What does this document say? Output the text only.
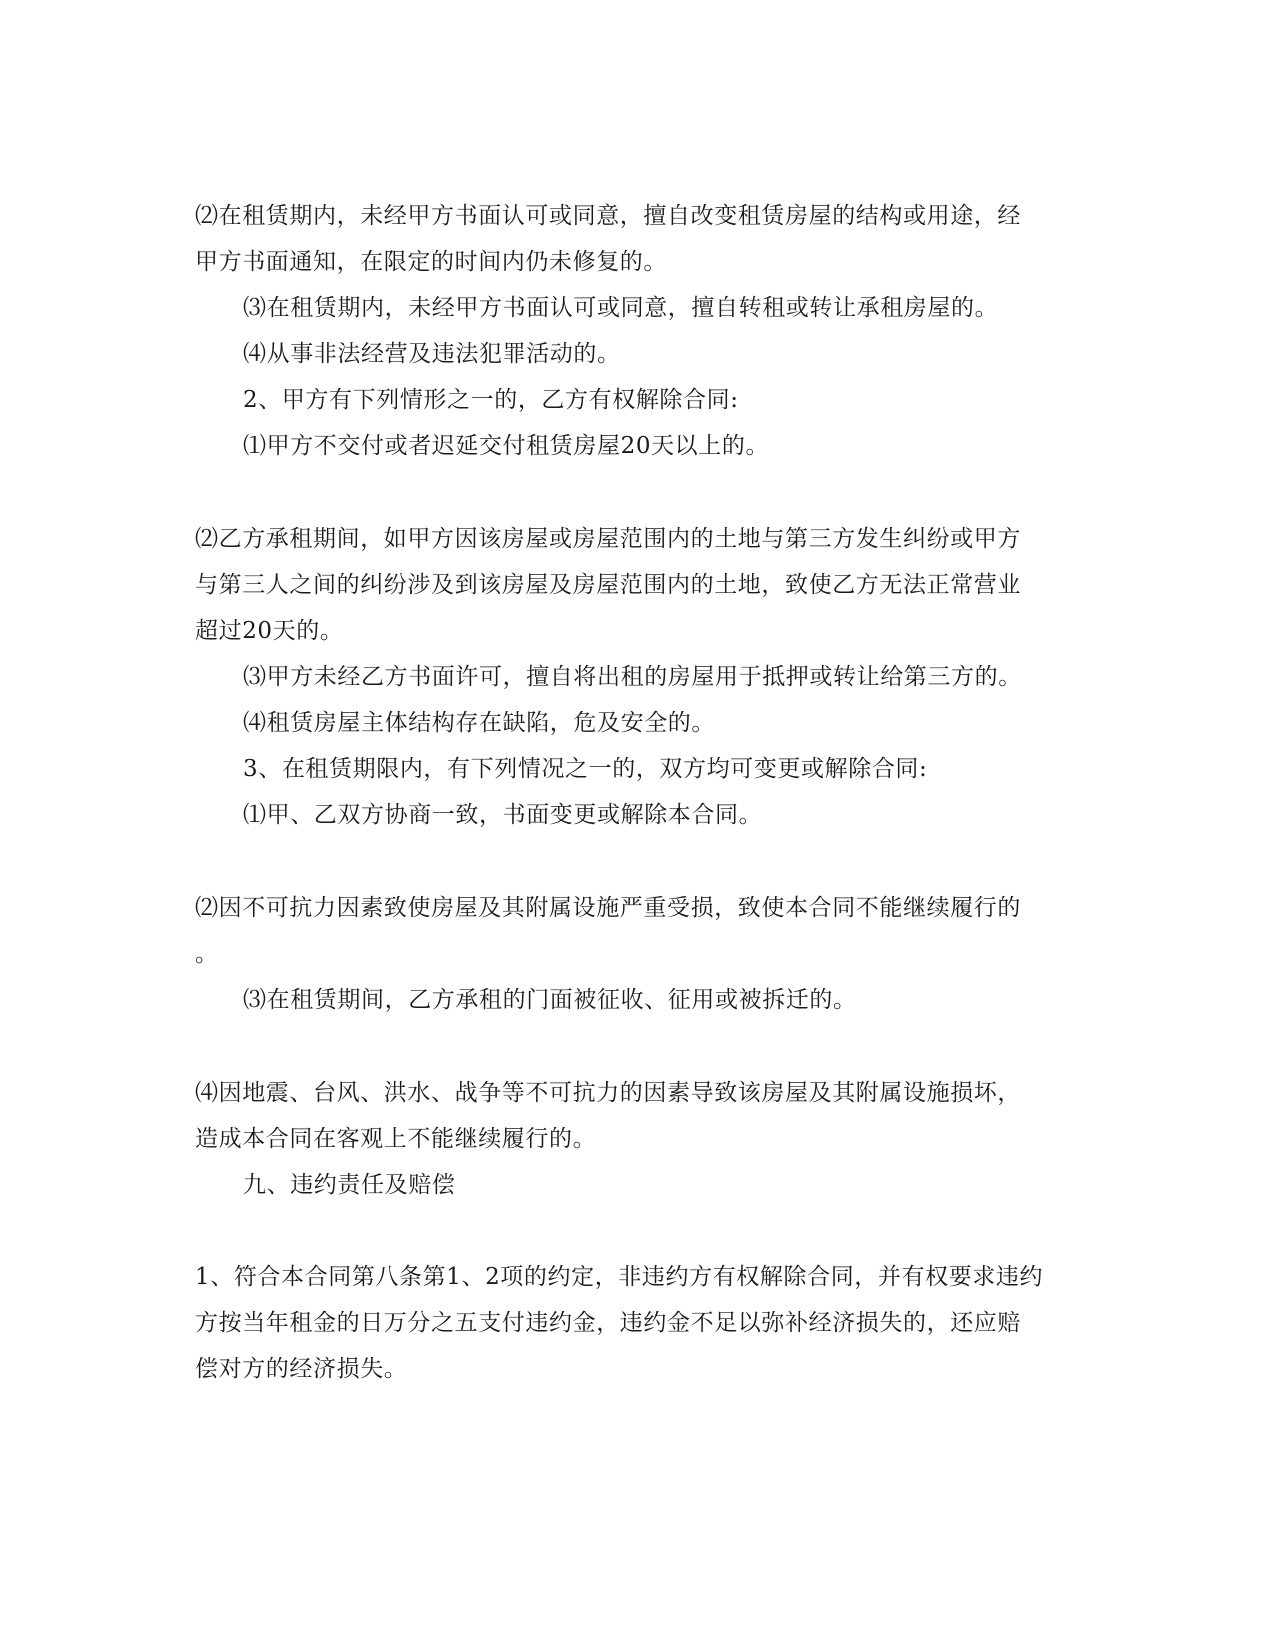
⑵在租赁期内，未经甲方书面认可或同意，擅自改变租赁房屋的结构或用途，经
甲方书面通知，在限定的时间内仍未修复的。
⑶在租赁期内，未经甲方书面认可或同意，擅自转租或转让承租房屋的。
⑷从事非法经营及违法犯罪活动的。
2、甲方有下列情形之一的，乙方有权解除合同:
⑴甲方不交付或者迟延交付租赁房屋20天以上的。
⑵乙方承租期间，如甲方因该房屋或房屋范围内的土地与第三方发生纠纷或甲方
与第三人之间的纠纷涉及到该房屋及房屋范围内的土地，致使乙方无法正常营业
超过20天的。
⑶甲方未经乙方书面许可，擅自将出租的房屋用于抵押或转让给第三方的。
⑷租赁房屋主体结构存在缺陷，危及安全的。
3、在租赁期限内，有下列情况之一的，双方均可变更或解除合同:
⑴甲、乙双方协商一致，书面变更或解除本合同。
⑵因不可抗力因素致使房屋及其附属设施严重受损，致使本合同不能继续履行的
。
⑶在租赁期间，乙方承租的门面被征收、征用或被拆迁的。
⑷因地震、台风、洪水、战争等不可抗力的因素导致该房屋及其附属设施损坏，
造成本合同在客观上不能继续履行的。
九、违约责任及赔偿
1、符合本合同第八条第1、2项的约定，非违约方有权解除合同，并有权要求违约
方按当年租金的日万分之五支付违约金，违约金不足以弥补经济损失的，还应赔
偿对方的经济损失。
